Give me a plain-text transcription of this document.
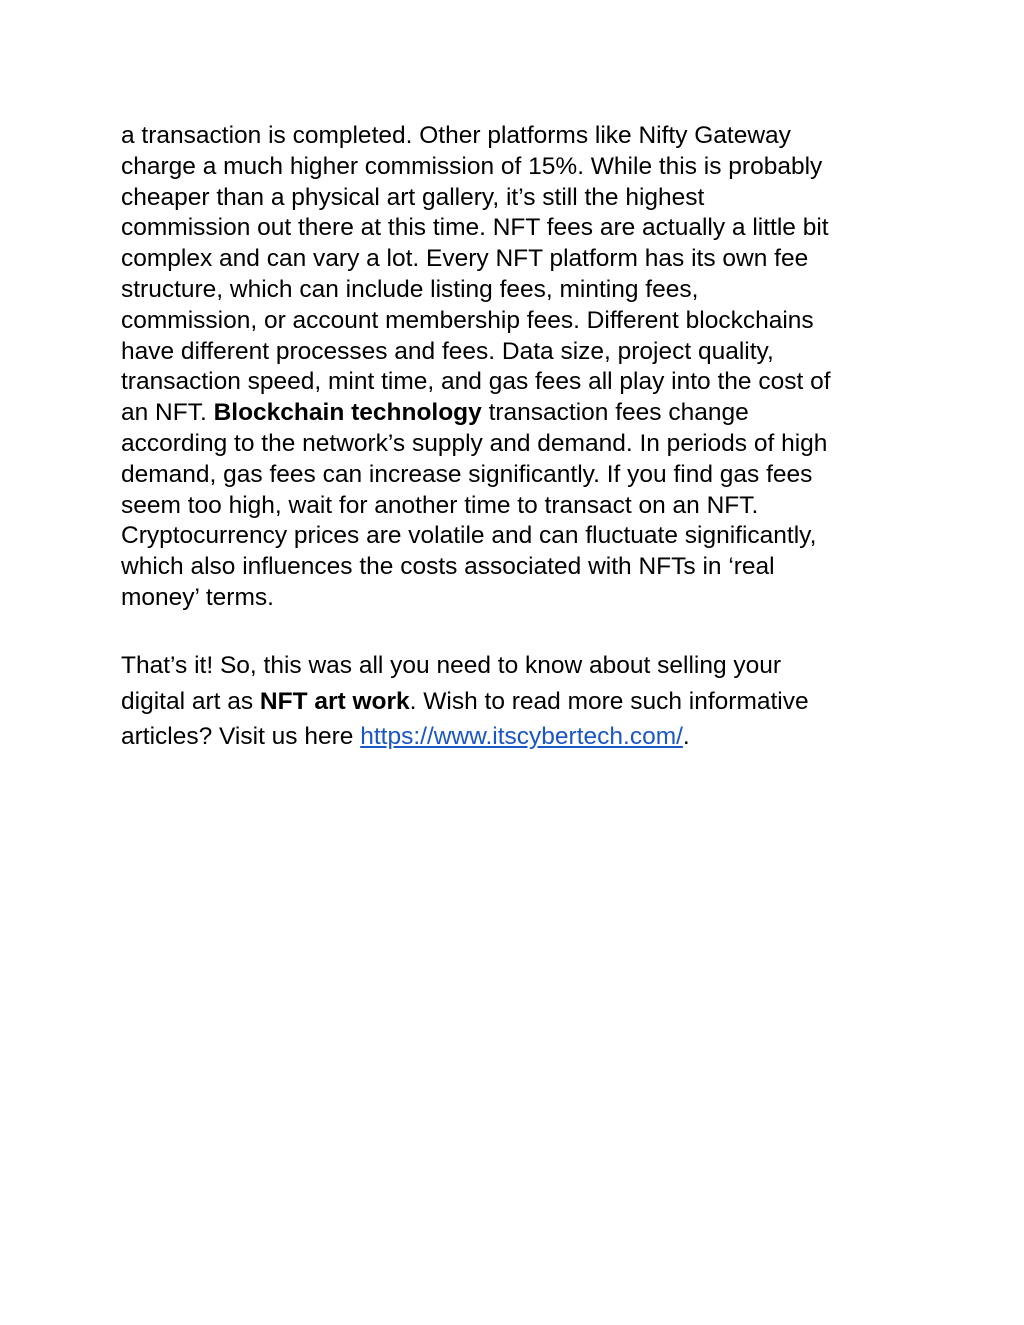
a transaction is completed. Other platforms like Nifty Gateway
charge a much higher commission of 15%. While this is probably
cheaper than a physical art gallery, it’s still the highest
commission out there at this time. NFT fees are actually a little bit
complex and can vary a lot. Every NFT platform has its own fee
structure, which can include listing fees, minting fees,
commission, or account membership fees. Different blockchains
have different processes and fees. Data size, project quality,
transaction speed, mint time, and gas fees all play into the cost of
an NFT. Blockchain technology transaction fees change
according to the network’s supply and demand. In periods of high
demand, gas fees can increase significantly. If you find gas fees
seem too high, wait for another time to transact on an NFT.
Cryptocurrency prices are volatile and can fluctuate significantly,
which also influences the costs associated with NFTs in ‘real
money’ terms.

That’s it! So, this was all you need to know about selling your
digital art as NFT art work. Wish to read more such informative
articles? Visit us here https://www.itscybertech.com/.
